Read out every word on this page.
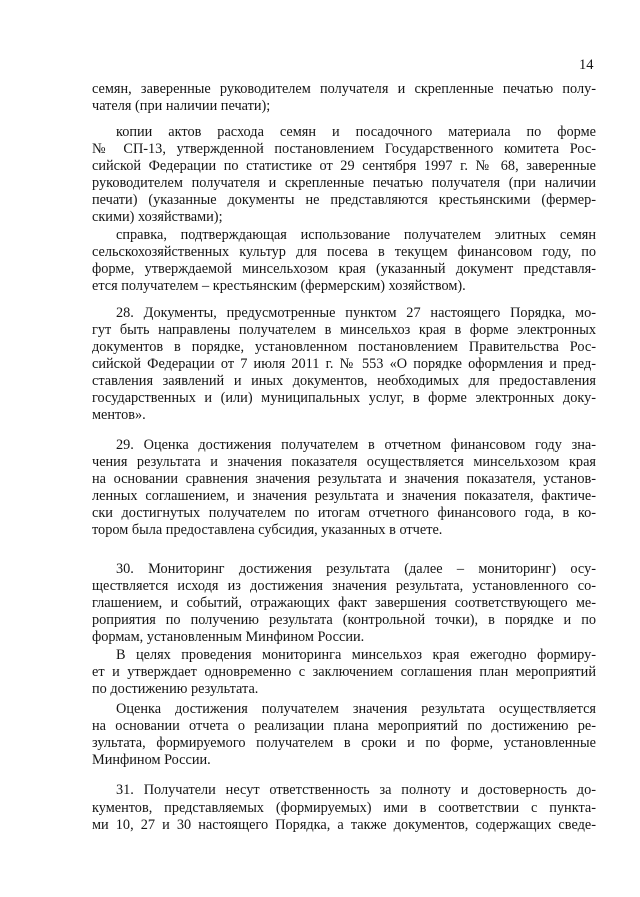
14
семян, заверенные руководителем получателя и скрепленные печатью полу-
чателя (при наличии печати);
копии актов расхода семян и посадочного материала по форме
№ СП-13, утвержденной постановлением Государственного комитета Рос-
сийской Федерации по статистике от 29 сентября 1997 г. № 68, заверенные
руководителем получателя и скрепленные печатью получателя (при наличии
печати) (указанные документы не представляются крестьянскими (фермер-
скими) хозяйствами);
справка, подтверждающая использование получателем элитных семян
сельскохозяйственных культур для посева в текущем финансовом году, по
форме, утверждаемой минсельхозом края (указанный документ представля-
ется получателем – крестьянским (фермерским) хозяйством).
28. Документы, предусмотренные пунктом 27 настоящего Порядка, мо-
гут быть направлены получателем в минсельхоз края в форме электронных
документов в порядке, установленном постановлением Правительства Рос-
сийской Федерации от 7 июля 2011 г. № 553 «О порядке оформления и пред-
ставления заявлений и иных документов, необходимых для предоставления
государственных и (или) муниципальных услуг, в форме электронных доку-
ментов».
29. Оценка достижения получателем в отчетном финансовом году зна-
чения результата и значения показателя осуществляется минсельхозом края
на основании сравнения значения результата и значения показателя, установ-
ленных соглашением, и значения результата и значения показателя, фактиче-
ски достигнутых получателем по итогам отчетного финансового года, в ко-
тором была предоставлена субсидия, указанных в отчете.
30. Мониторинг достижения результата (далее – мониторинг) осу-
ществляется исходя из достижения значения результата, установленного со-
глашением, и событий, отражающих факт завершения соответствующего ме-
роприятия по получению результата (контрольной точки), в порядке и по
формам, установленным Минфином России.
В целях проведения мониторинга минсельхоз края ежегодно формиру-
ет и утверждает одновременно с заключением соглашения план мероприятий
по достижению результата.
Оценка достижения получателем значения результата осуществляется
на основании отчета о реализации плана мероприятий по достижению ре-
зультата, формируемого получателем в сроки и по форме, установленные
Минфином России.
31. Получатели несут ответственность за полноту и достоверность до-
кументов, представляемых (формируемых) ими в соответствии с пункта-
ми 10, 27 и 30 настоящего Порядка, а также документов, содержащих сведе-
